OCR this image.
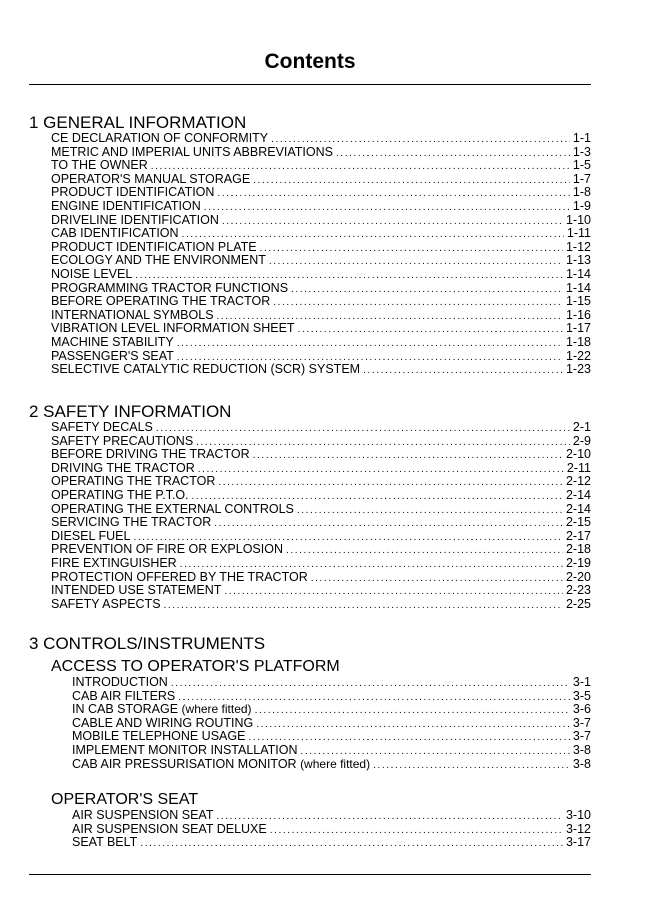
Contents
1 GENERAL INFORMATION
CE DECLARATION OF CONFORMITY .....	1-1
METRIC AND IMPERIAL UNITS ABBREVIATIONS .....	1-3
TO THE OWNER .....	1-5
OPERATOR'S MANUAL STORAGE .....	1-7
PRODUCT IDENTIFICATION .....	1-8
ENGINE IDENTIFICATION .....	1-9
DRIVELINE IDENTIFICATION .....	1-10
CAB IDENTIFICATION .....	1-11
PRODUCT IDENTIFICATION PLATE .....	1-12
ECOLOGY AND THE ENVIRONMENT .....	1-13
NOISE LEVEL .....	1-14
PROGRAMMING TRACTOR FUNCTIONS .....	1-14
BEFORE OPERATING THE TRACTOR .....	1-15
INTERNATIONAL SYMBOLS .....	1-16
VIBRATION LEVEL INFORMATION SHEET .....	1-17
MACHINE STABILITY .....	1-18
PASSENGER'S SEAT .....	1-22
SELECTIVE CATALYTIC REDUCTION (SCR) SYSTEM .....	1-23
2 SAFETY INFORMATION
SAFETY DECALS .....	2-1
SAFETY PRECAUTIONS .....	2-9
BEFORE DRIVING THE TRACTOR .....	2-10
DRIVING THE TRACTOR .....	2-11
OPERATING THE TRACTOR .....	2-12
OPERATING THE P.T.O. .....	2-14
OPERATING THE EXTERNAL CONTROLS .....	2-14
SERVICING THE TRACTOR .....	2-15
DIESEL FUEL .....	2-17
PREVENTION OF FIRE OR EXPLOSION .....	2-18
FIRE EXTINGUISHER .....	2-19
PROTECTION OFFERED BY THE TRACTOR .....	2-20
INTENDED USE STATEMENT .....	2-23
SAFETY ASPECTS .....	2-25
3 CONTROLS/INSTRUMENTS
ACCESS TO OPERATOR'S PLATFORM
INTRODUCTION .....	3-1
CAB AIR FILTERS .....	3-5
IN CAB STORAGE (where fitted) .....	3-6
CABLE AND WIRING ROUTING .....	3-7
MOBILE TELEPHONE USAGE .....	3-7
IMPLEMENT MONITOR INSTALLATION .....	3-8
CAB AIR PRESSURISATION MONITOR (where fitted) .....	3-8
OPERATOR'S SEAT
AIR SUSPENSION SEAT .....	3-10
AIR SUSPENSION SEAT DELUXE .....	3-12
SEAT BELT .....	3-17
